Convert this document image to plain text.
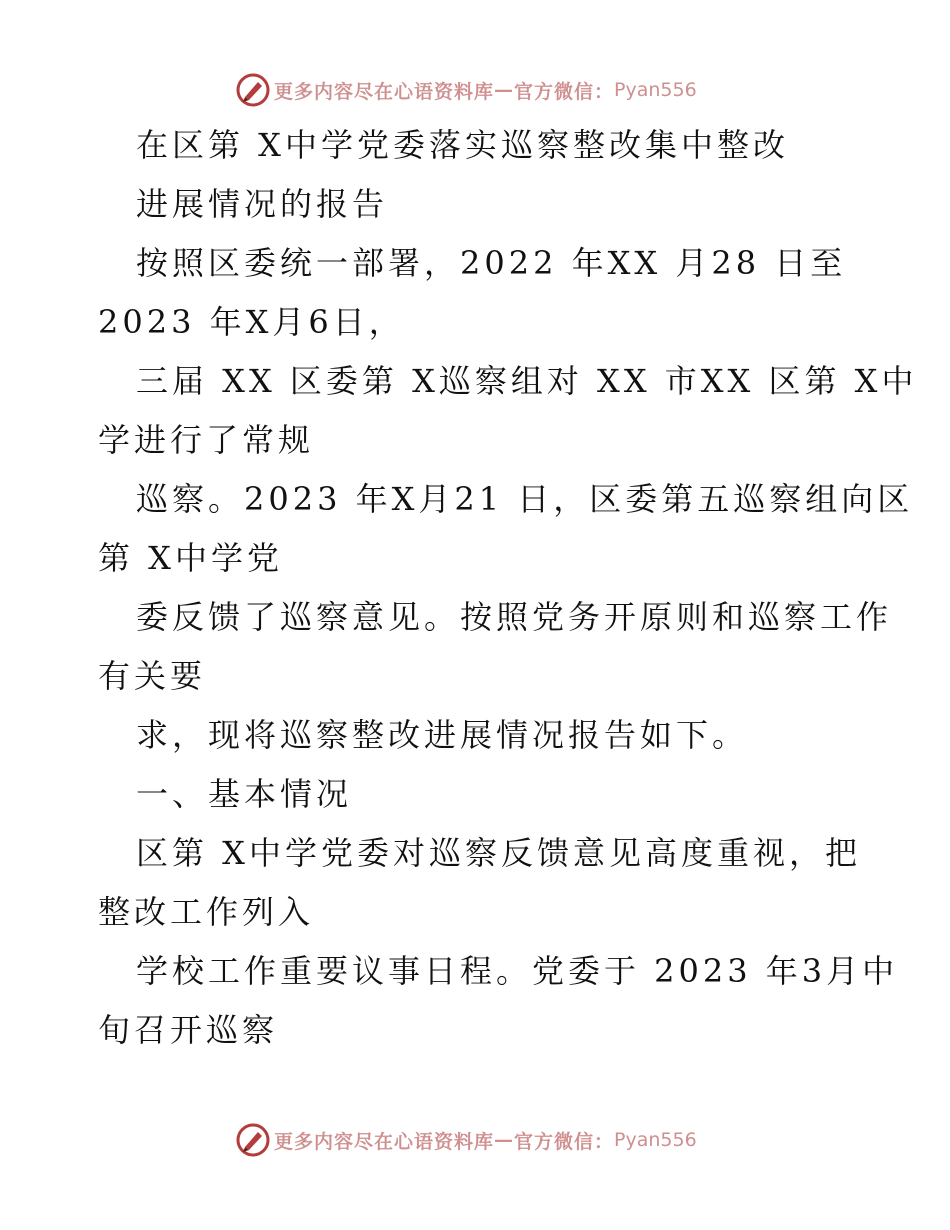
更多内容尽在心语资料库 — 官方微信： Pyan556
在区第 X中学党委落实巡察整改集中整改
进展情况的报告
按照区委统一部署，2022 年XX 月28 日至
2023 年X月6日，
三届 XX 区委第 X巡察组对 XX 市XX 区第 X中
学进行了常规
巡察。2023 年X月21 日，区委第五巡察组向区
第 X中学党
委反馈了巡察意见。按照党务开原则和巡察工作
有关要
求，现将巡察整改进展情况报告如下。
一、基本情况
区第 X中学党委对巡察反馈意见高度重视，把
整改工作列入
学校工作重要议事日程。党委于 2023 年3月中
旬召开巡察
更多内容尽在心语资料库 — 官方微信： Pyan556
